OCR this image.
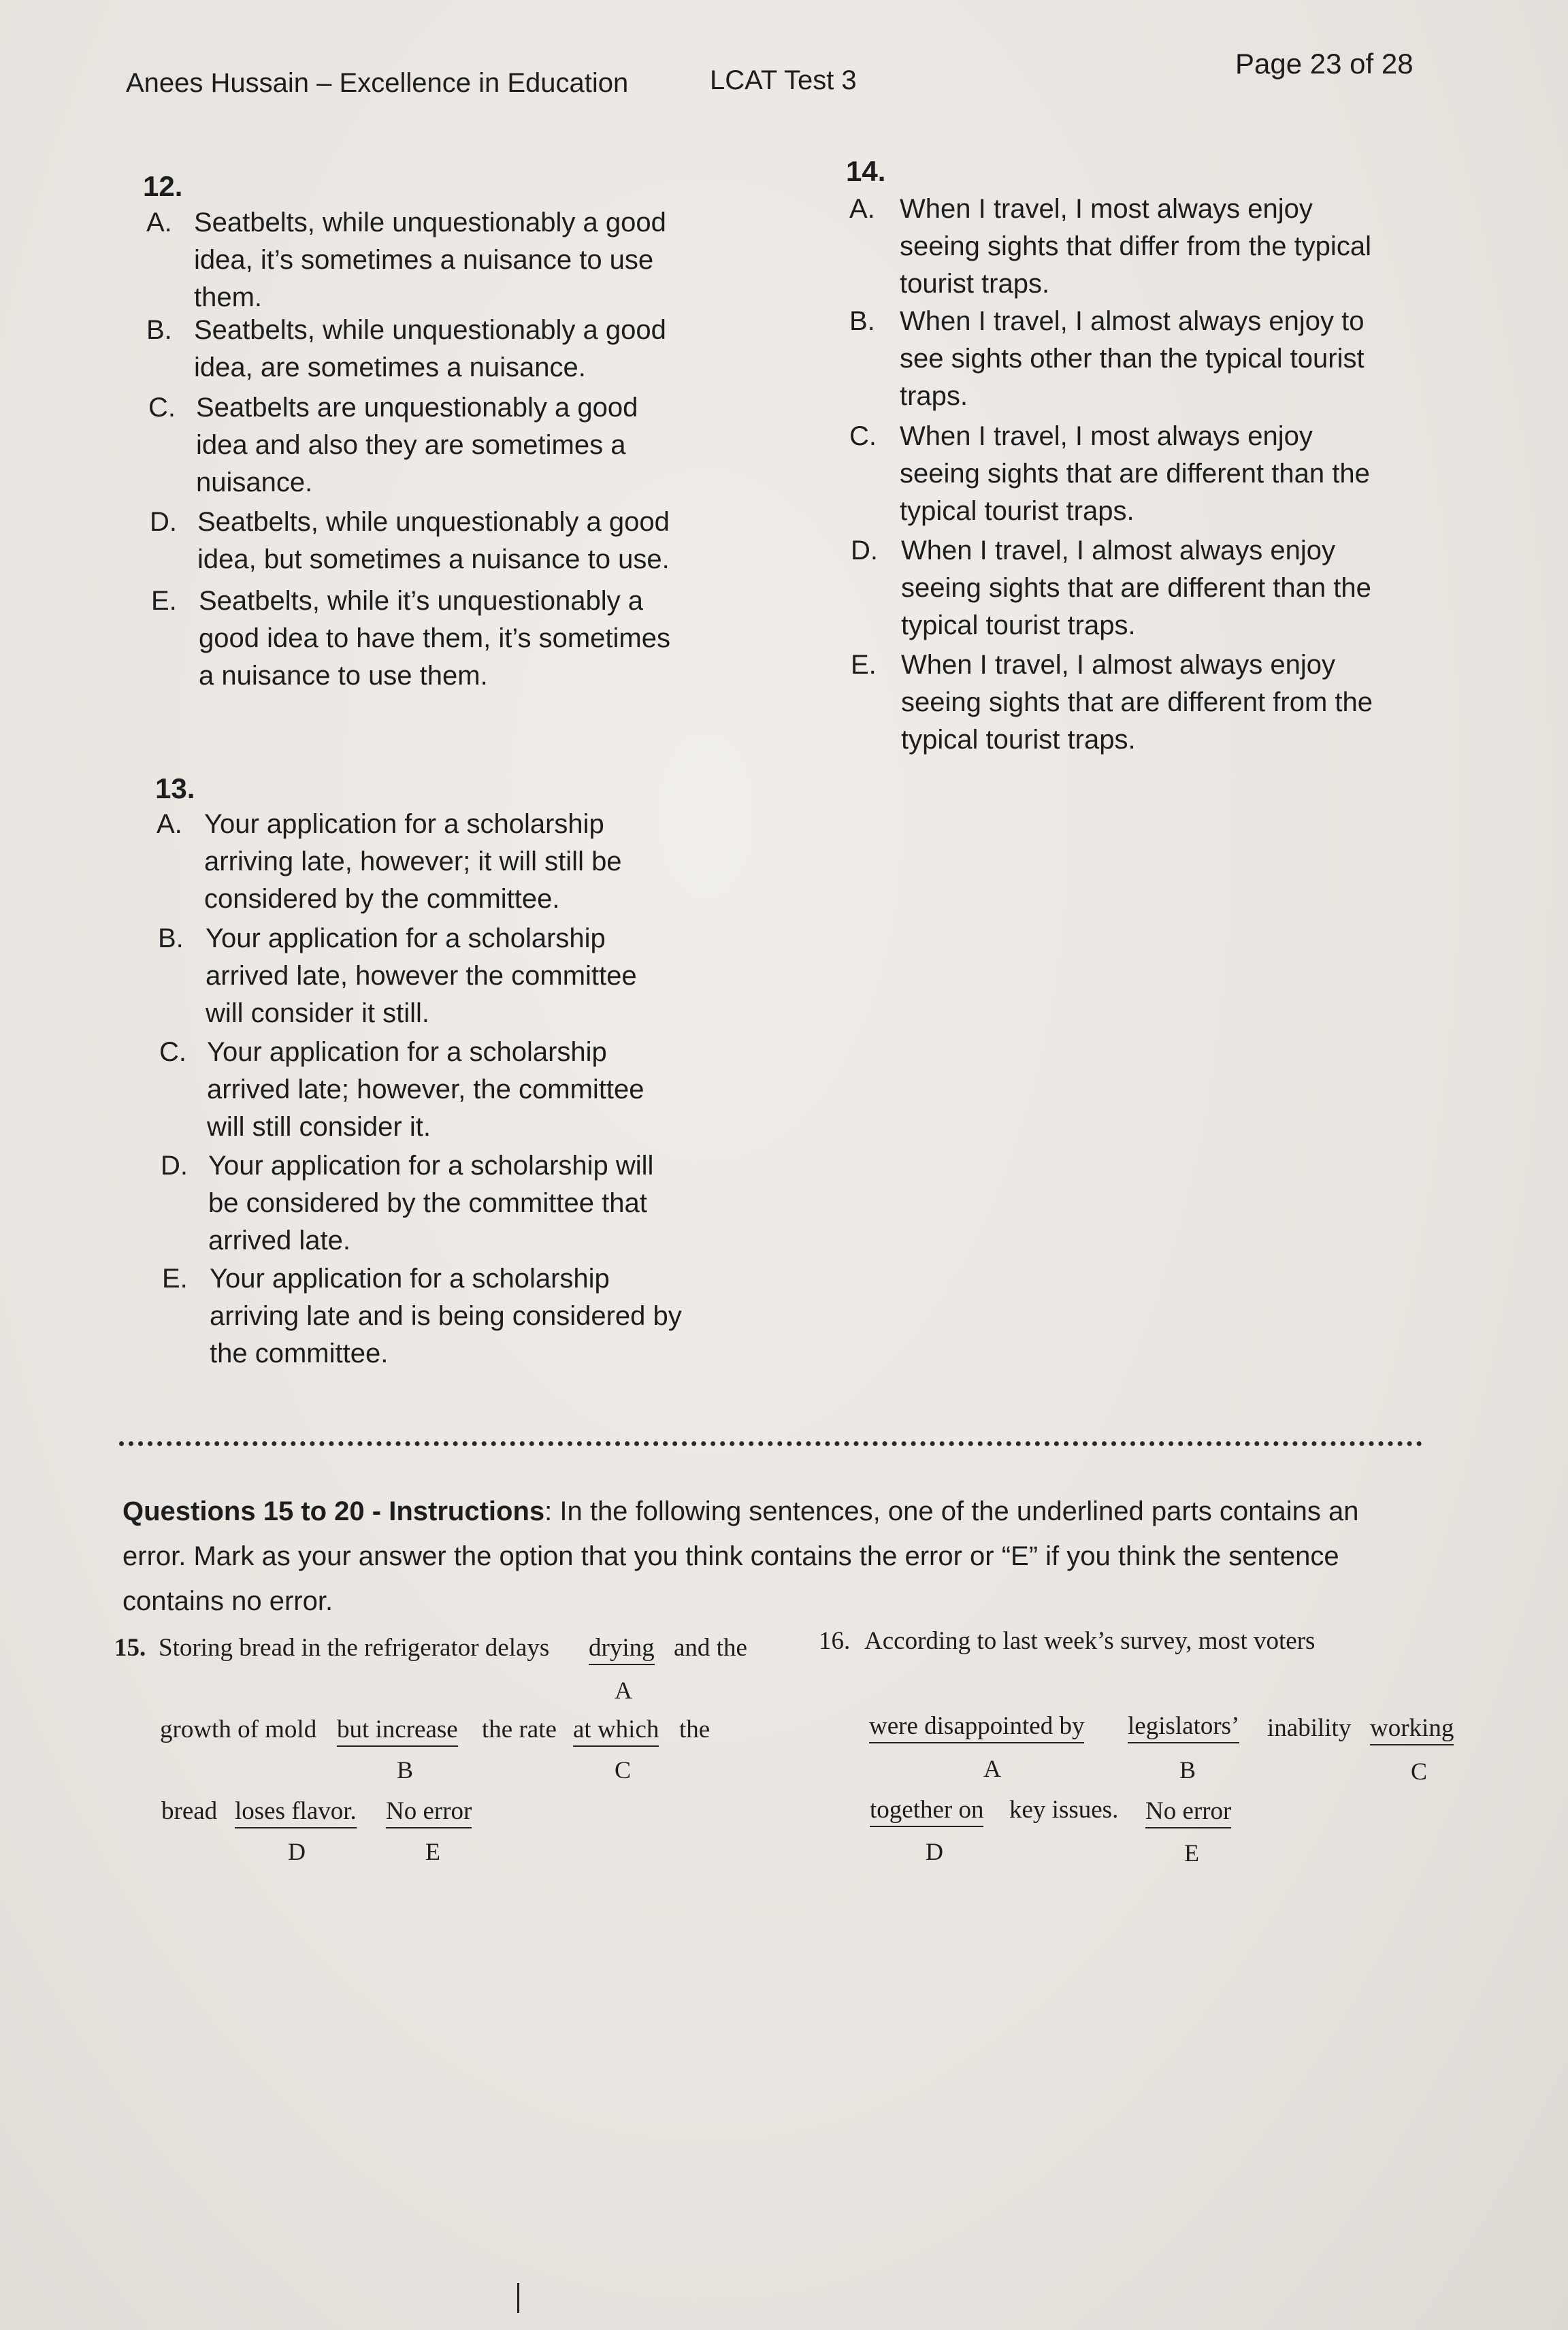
Anees Hussain – Excellence in Education	LCAT Test 3
Page 23 of 28
12.
A. Seatbelts, while unquestionably a good
idea, it’s sometimes a nuisance to use
them.
B. Seatbelts, while unquestionably a good
idea, are sometimes a nuisance.
C. Seatbelts are unquestionably a good
idea and also they are sometimes a
nuisance.
D. Seatbelts, while unquestionably a good
idea, but sometimes a nuisance to use.
E. Seatbelts, while it’s unquestionably a
good idea to have them, it’s sometimes
a nuisance to use them.
13.
A. Your application for a scholarship
arriving late, however; it will still be
considered by the committee.
B. Your application for a scholarship
arrived late, however the committee
will consider it still.
C. Your application for a scholarship
arrived late; however, the committee
will still consider it.
D. Your application for a scholarship will
be considered by the committee that
arrived late.
E. Your application for a scholarship
arriving late and is being considered by
the committee.
14.
A. When I travel, I most always enjoy
seeing sights that differ from the typical
tourist traps.
B. When I travel, I almost always enjoy to
see sights other than the typical tourist
traps.
C. When I travel, I most always enjoy
seeing sights that are different than the
typical tourist traps.
D. When I travel, I almost always enjoy
seeing sights that are different than the
typical tourist traps.
E. When I travel, I almost always enjoy
seeing sights that are different from the
typical tourist traps.
Questions 15 to 20 - Instructions: In the following sentences, one of the underlined parts contains an error. Mark as your answer the option that you think contains the error or “E” if you think the sentence contains no error.
15. Storing bread in the refrigerator delays drying and the
A
growth of mold but increase the rate at which the
B	C
bread loses flavor. No error
D	E
16. According to last week’s survey, most voters
were disappointed by legislators’ inability working
A	B	C
together on key issues. No error
D	E
